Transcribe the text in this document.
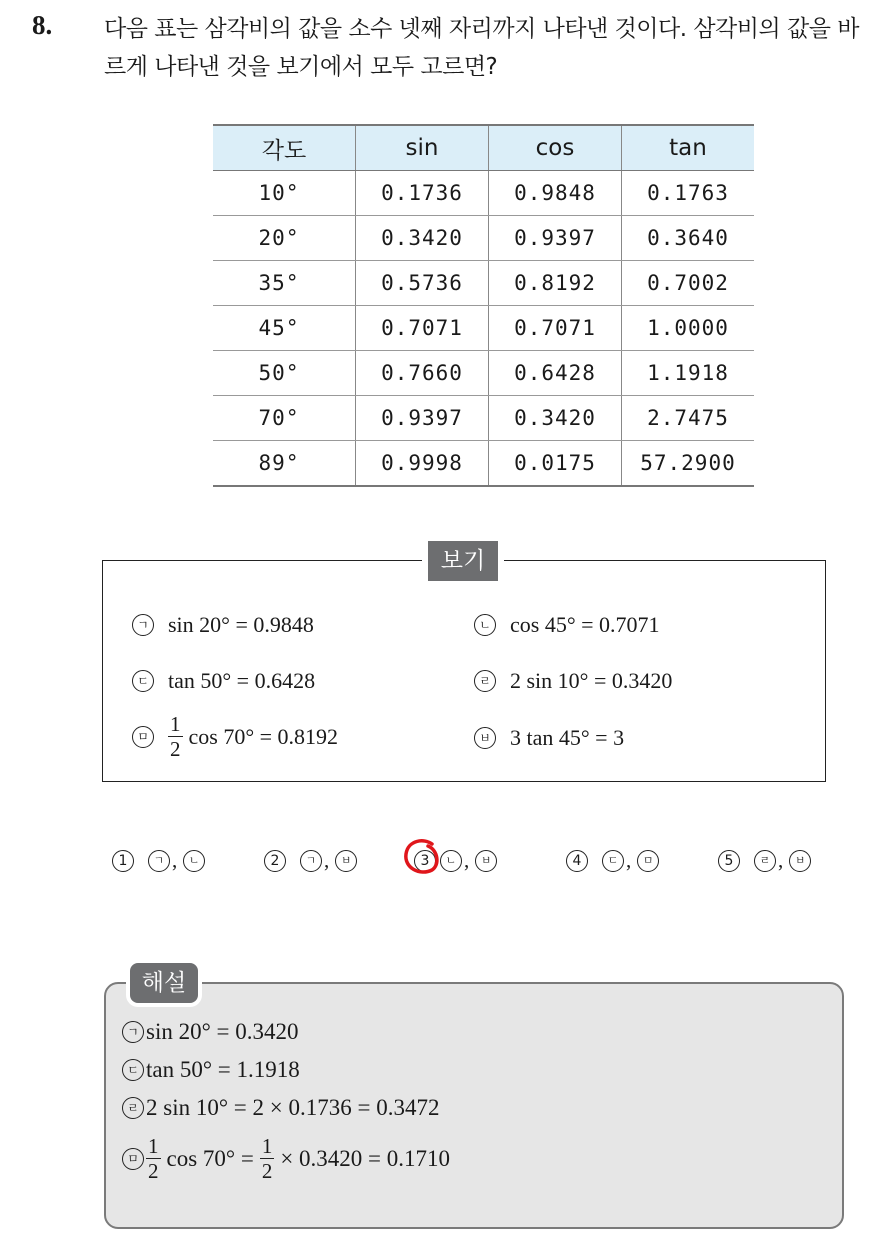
8. 다음 표는 삼각비의 값을 소수 넷째 자리까지 나타낸 것이다. 삼각비의 값을 바르게 나타낸 것을 보기에서 모두 고르면?
각도	sin	cos	tan
10°	0.1736	0.9848	0.1763
20°	0.3420	0.9397	0.3640
35°	0.5736	0.8192	0.7002
45°	0.7071	0.7071	1.0000
50°	0.7660	0.6428	1.1918
70°	0.9397	0.3420	2.7475
89°	0.9998	0.0175	57.2900
보기
ㄱ sin 20° = 0.9848	ㄴ cos 45° = 0.7071
ㄷ tan 50° = 0.6428	ㄹ 2 sin 10° = 0.3420
ㅁ $\frac{1}{2}$ cos 70° = 0.8192	ㅂ 3 tan 45° = 3
1	ㄱ ,	ㄴ	2	ㄱ ,	ㅂ	3	ㄴ ,	ㅂ	4	ㄷ ,	ㅁ	5	ㄹ ,	ㅂ
해설
ㄱ sin 20° = 0.3420
ㄷ tan 50° = 1.1918
ㄹ 2 sin 10° = 2 × 0.1736 = 0.3472
ㅁ $\frac{1}{2}$ $\cos 70^\circ = \frac{1}{2} \times 0.3420 = 0.1710$
